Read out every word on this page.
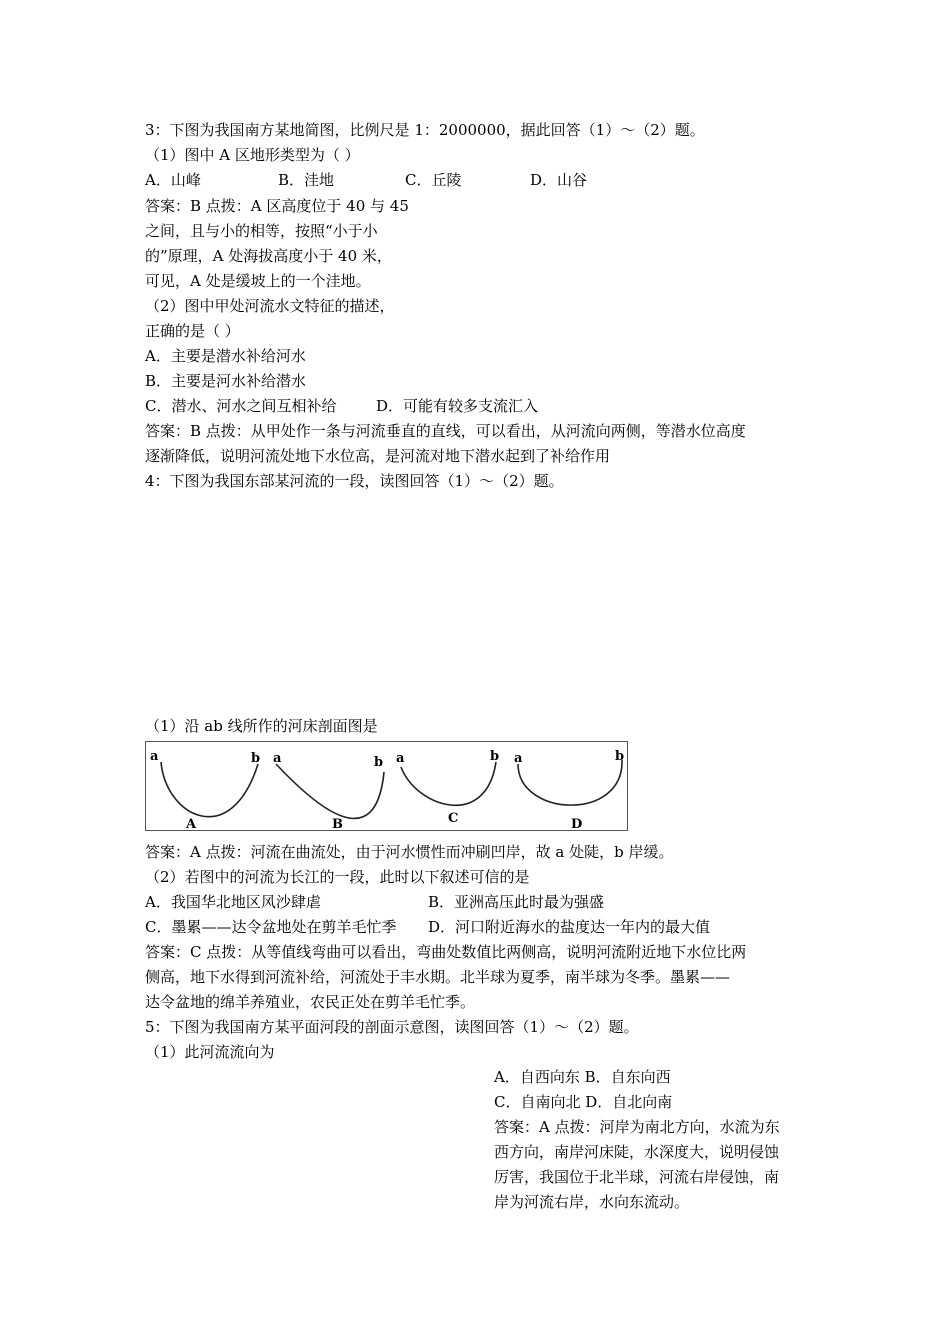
3：下图为我国南方某地简图，比例尺是 1：2000000，据此回答（1）～（2）题。
（1）图中 A 区地形类型为（ ）
A．山峰	B．洼地	C．丘陵	D．山谷
答案：B 点拨：A 区高度位于 40 与 45
之间，且与小的相等，按照“小于小
的”原理，A 处海拔高度小于 40 米，
可见，A 处是缓坡上的一个洼地。
（2）图中甲处河流水文特征的描述，
正确的是（ ）
A．主要是潜水补给河水
B．主要是河水补给潜水
C．潜水、河水之间互相补给	D．可能有较多支流汇入
答案：B 点拨：从甲处作一条与河流垂直的直线，可以看出，从河流向两侧，等潜水位高度
逐渐降低，说明河流处地下水位高，是河流对地下潜水起到了补给作用
4：下图为我国东部某河流的一段，读图回答（1）～（2）题。
（1）沿 ab 线所作的河床剖面图是
a	b
A
a	b
B
a	b
C
a	b
D
答案：A 点拨：河流在曲流处，由于河水惯性而冲刷凹岸，故 a 处陡，b 岸缓。
（2）若图中的河流为长江的一段，此时以下叙述可信的是
A．我国华北地区风沙肆虐	B．亚洲高压此时最为强盛
C．墨累——达令盆地处在剪羊毛忙季 D．河口附近海水的盐度达一年内的最大值
答案：C 点拨：从等值线弯曲可以看出，弯曲处数值比两侧高，说明河流附近地下水位比两
侧高，地下水得到河流补给，河流处于丰水期。北半球为夏季，南半球为冬季。墨累——
达令盆地的绵羊养殖业，农民正处在剪羊毛忙季。
5：下图为我国南方某平面河段的剖面示意图，读图回答（1）～（2）题。
（1）此河流流向为
A．自西向东 B．自东向西
C．自南向北 D．自北向南
答案：A 点拨：河岸为南北方向，水流为东
西方向，南岸河床陡，水深度大，说明侵蚀
厉害，我国位于北半球，河流右岸侵蚀，南
岸为河流右岸，水向东流动。
